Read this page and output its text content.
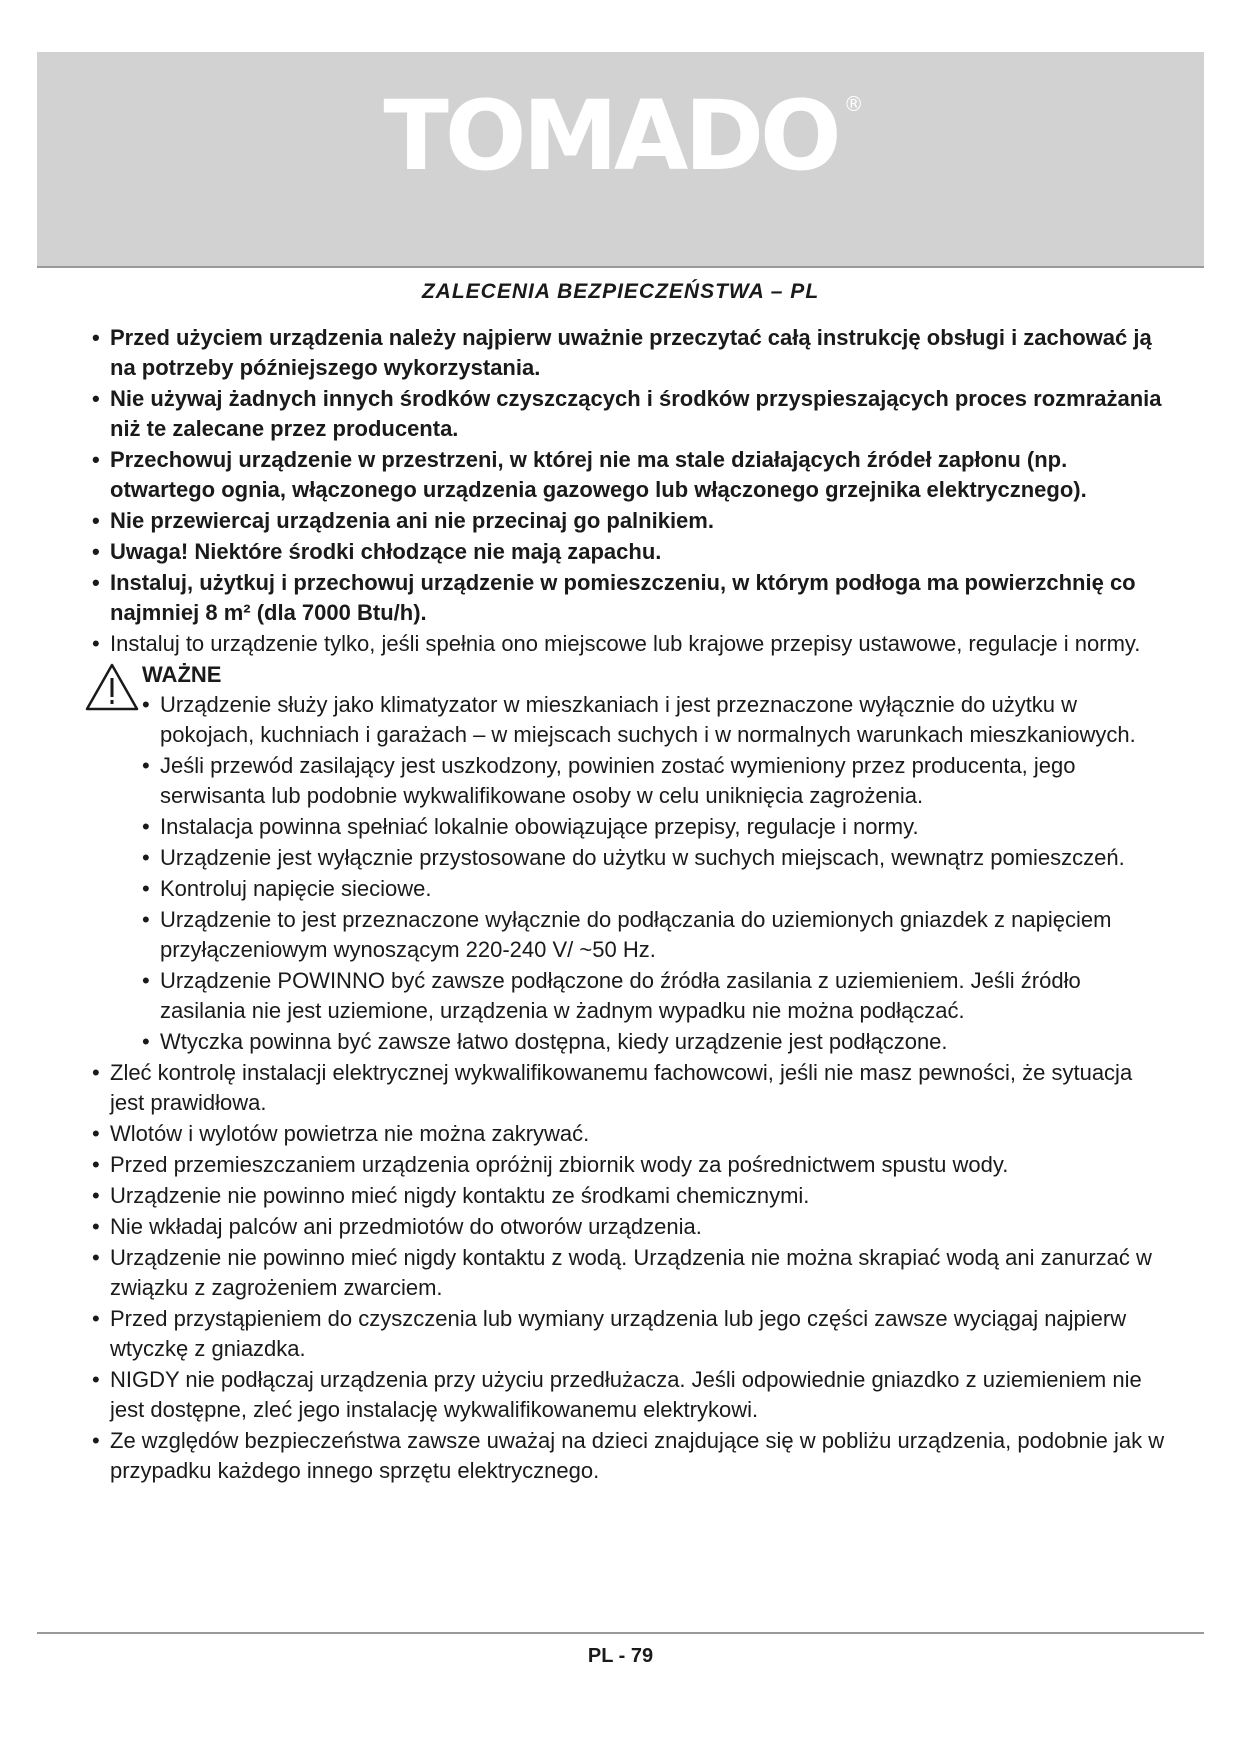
TOMADO ®
ZALECENIA BEZPIECZEŃSTWA – PL

• Przed użyciem urządzenia należy najpierw uważnie przeczytać całą instrukcję obsługi i zachować ją na potrzeby późniejszego wykorzystania.

• Nie używaj żadnych innych środków czyszczących i środków przyspieszających proces rozmrażania niż te zalecane przez producenta.

• Przechowuj urządzenie w przestrzeni, w której nie ma stale działających źródeł zapłonu (np. otwartego ognia, włączonego urządzenia gazowego lub włączonego grzejnika elektrycznego).

• Nie przewiercaj urządzenia ani nie przecinaj go palnikiem.

• Uwaga! Niektóre środki chłodzące nie mają zapachu.

• Instaluj, użytkuj i przechowuj urządzenie w pomieszczeniu, w którym podłoga ma powierzchnię co najmniej 8 m² (dla 7000 Btu/h).

• Instaluj to urządzenie tylko, jeśli spełnia ono miejscowe lub krajowe przepisy ustawowe, regulacje i normy.

WAŻNE

• Urządzenie służy jako klimatyzator w mieszkaniach i jest przeznaczone wyłącznie do użytku w pokojach, kuchniach i garażach – w miejscach suchych i w normalnych warunkach mieszkaniowych.

• Jeśli przewód zasilający jest uszkodzony, powinien zostać wymieniony przez producenta, jego serwisanta lub podobnie wykwalifikowane osoby w celu uniknięcia zagrożenia.

• Instalacja powinna spełniać lokalnie obowiązujące przepisy, regulacje i normy.

• Urządzenie jest wyłącznie przystosowane do użytku w suchych miejscach, wewnątrz pomieszczeń.

• Kontroluj napięcie sieciowe.

• Urządzenie to jest przeznaczone wyłącznie do podłączania do uziemionych gniazdek z napięciem przyłączeniowym wynoszącym 220-240 V/ ~50 Hz.

• Urządzenie POWINNO być zawsze podłączone do źródła zasilania z uziemieniem. Jeśli źródło zasilania nie jest uziemione, urządzenia w żadnym wypadku nie można podłączać.

• Wtyczka powinna być zawsze łatwo dostępna, kiedy urządzenie jest podłączone.

• Zleć kontrolę instalacji elektrycznej wykwalifikowanemu fachowcowi, jeśli nie masz pewności, że sytuacja jest prawidłowa.

• Wlotów i wylotów powietrza nie można zakrywać.

• Przed przemieszczaniem urządzenia opróżnij zbiornik wody za pośrednictwem spustu wody.

• Urządzenie nie powinno mieć nigdy kontaktu ze środkami chemicznymi.

• Nie wkładaj palców ani przedmiotów do otworów urządzenia.

• Urządzenie nie powinno mieć nigdy kontaktu z wodą. Urządzenia nie można skrapiać wodą ani zanurzać w związku z zagrożeniem zwarciem.

• Przed przystąpieniem do czyszczenia lub wymiany urządzenia lub jego części zawsze wyciągaj najpierw wtyczkę z gniazdka.

• NIGDY nie podłączaj urządzenia przy użyciu przedłużacza. Jeśli odpowiednie gniazdko z uziemieniem nie jest dostępne, zleć jego instalację wykwalifikowanemu elektrykowi.

• Ze względów bezpieczeństwa zawsze uważaj na dzieci znajdujące się w pobliżu urządzenia, podobnie jak w przypadku każdego innego sprzętu elektrycznego.

PL - 79
